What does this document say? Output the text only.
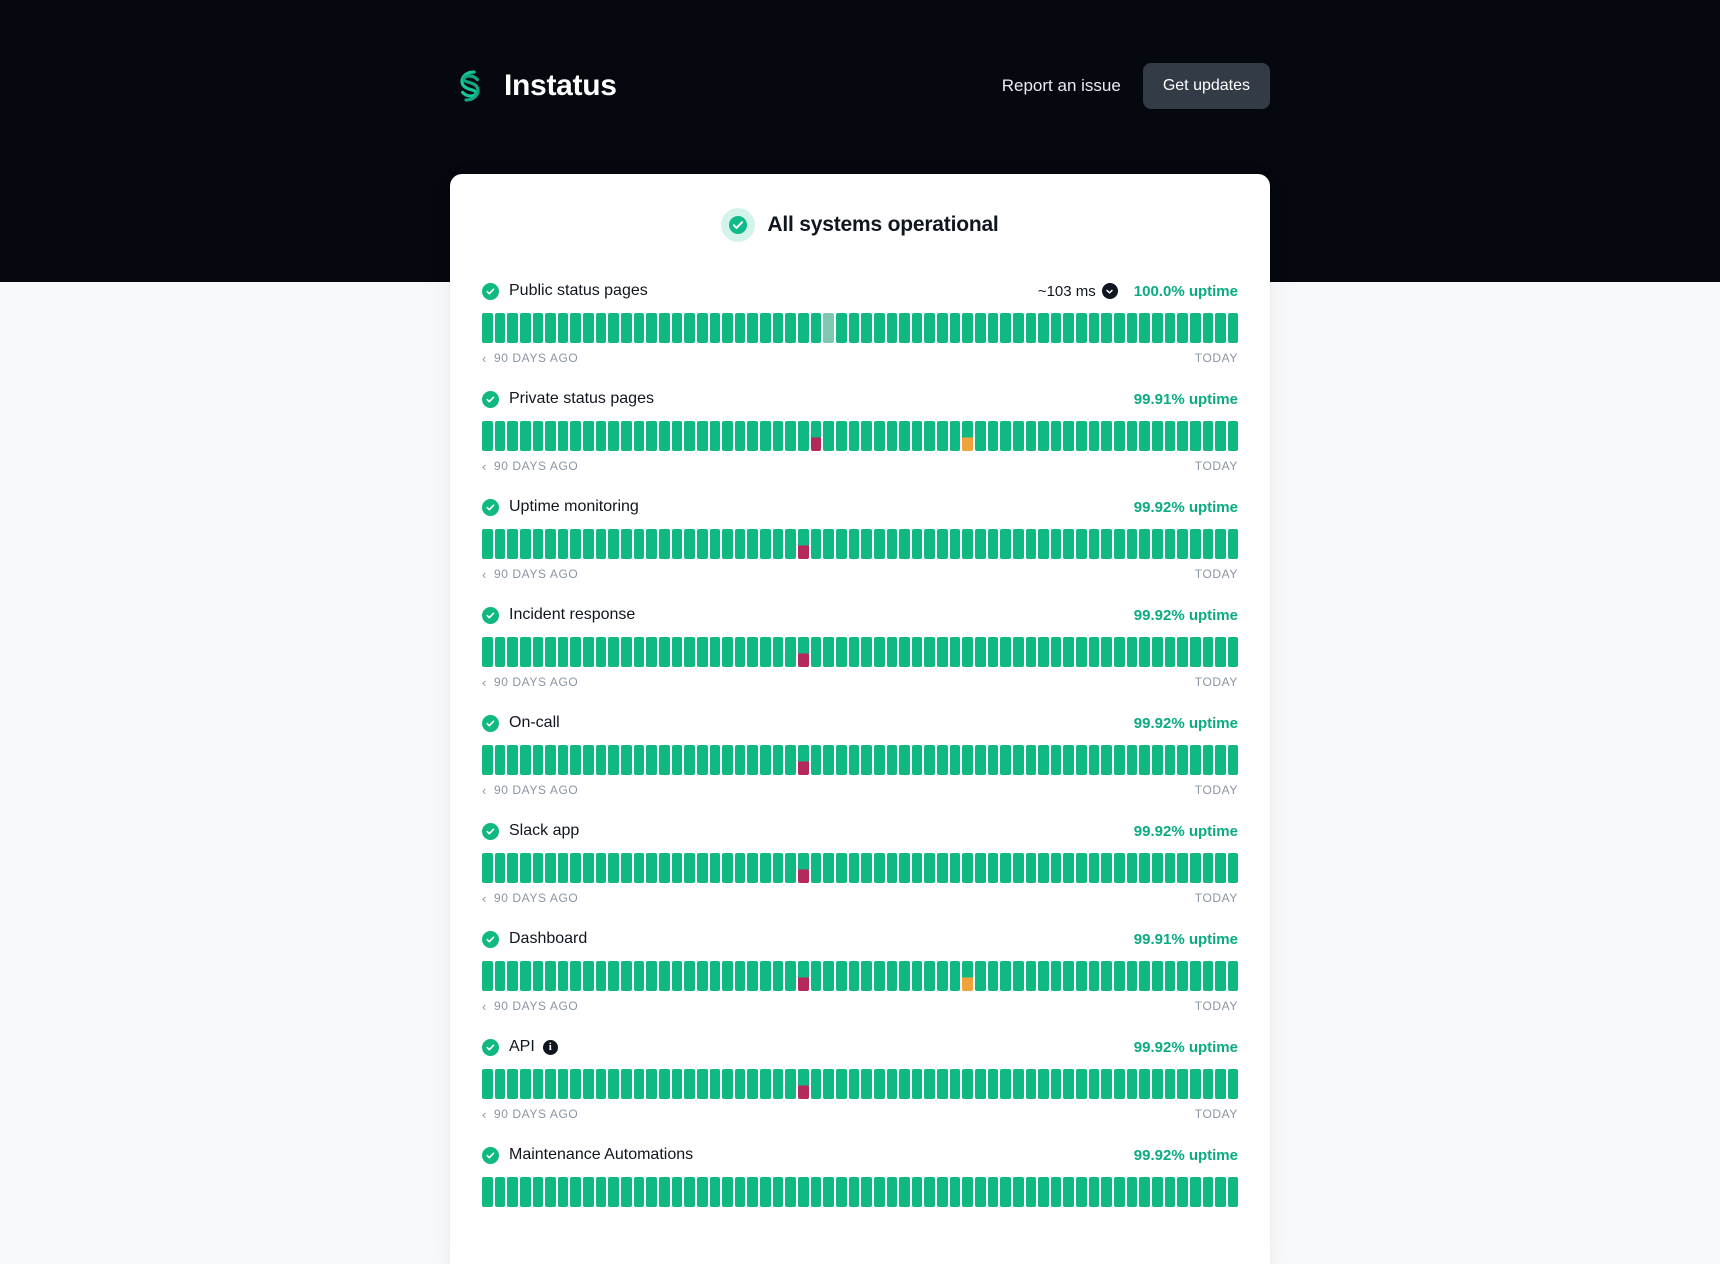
Instatus	Report an issue	Get updates
All systems operational
Public status pages	~103 ms	100.0% uptime
‹ 90 DAYS AGO	TODAY
Private status pages	99.91% uptime
‹ 90 DAYS AGO	TODAY
Uptime monitoring	99.92% uptime
‹ 90 DAYS AGO	TODAY
Incident response	99.92% uptime
‹ 90 DAYS AGO	TODAY
On-call	99.92% uptime
‹ 90 DAYS AGO	TODAY
Slack app	99.92% uptime
‹ 90 DAYS AGO	TODAY
Dashboard	99.91% uptime
‹ 90 DAYS AGO	TODAY
API	i	99.92% uptime
‹ 90 DAYS AGO	TODAY
Maintenance Automations	99.92% uptime
